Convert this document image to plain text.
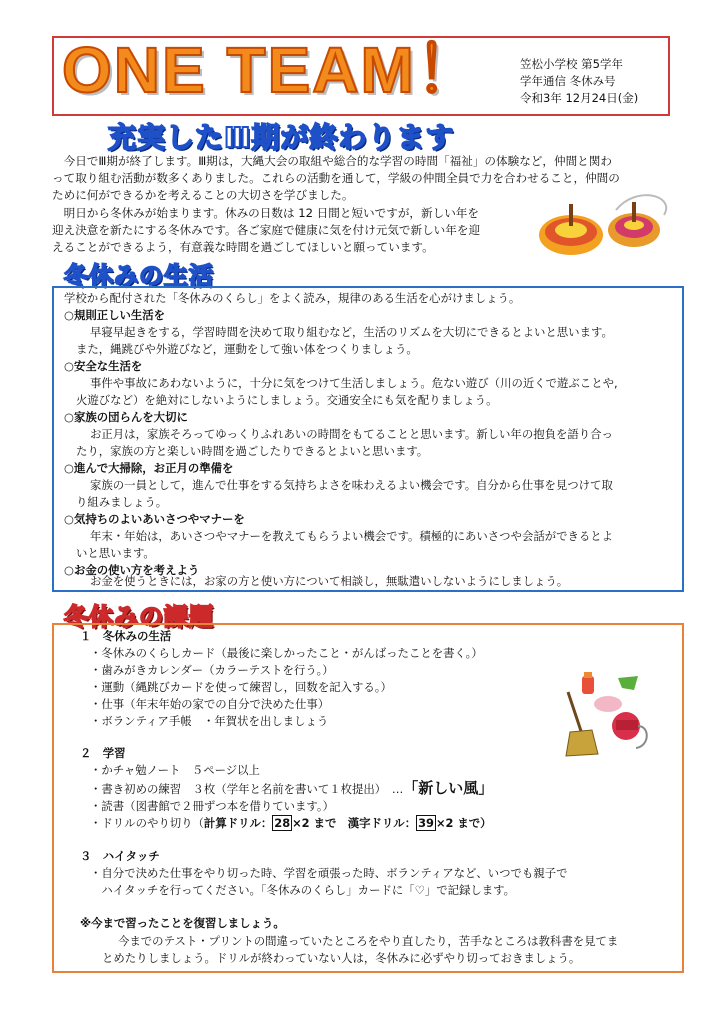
ONE TEAM！	笠松小学校 第5学年
学年通信 冬休み号
令和3年 12月24日(金)
充実したⅢ期が終わります
　今日でⅢ期が終了します。Ⅲ期は，大縄大会の取組や総合的な学習の時間「福祉」の体験など，仲間と関わ
って取り組む活動が数多くありました。これらの活動を通して，学級の仲間全員で力を合わせること，仲間の
ために何ができるかを考えることの大切さを学びました。
　明日から冬休みが始まります。休みの日数は 12 日間と短いですが，新しい年を
迎え決意を新たにする冬休みです。各ご家庭で健康に気を付け元気で新しい年を迎
えることができるよう，有意義な時間を過ごしてほしいと願っています。
冬休みの生活
学校から配付された「冬休みのくらし」をよく読み，規律のある生活を心がけましょう。
○規則正しい生活を
早寝早起きをする，学習時間を決めて取り組むなど，生活のリズムを大切にできるとよいと思います。
また，縄跳びや外遊びなど，運動をして強い体をつくりましょう。
○安全な生活を
事件や事故にあわないように，十分に気をつけて生活しましょう。危ない遊び（川の近くで遊ぶことや,
火遊びなど）を絶対にしないようにしましょう。交通安全にも気を配りましょう。
○家族の団らんを大切に
お正月は，家族そろってゆっくりふれあいの時間をもてることと思います。新しい年の抱負を語り合っ
たり，家族の方と楽しい時間を過ごしたりできるとよいと思います。
○進んで大掃除，お正月の準備を
家族の一員として，進んで仕事をする気持ちよさを味わえるよい機会です。自分から仕事を見つけて取
り組みましょう。
○気持ちのよいあいさつやマナーを
年末・年始は，あいさつやマナーを教えてもらうよい機会です。積極的にあいさつや会話ができるとよ
いと思います。
○お金の使い方を考えよう
お金を使うときには，お家の方と使い方について相談し，無駄遣いしないようにしましょう。
冬休みの課題
１　冬休みの生活
・冬休みのくらしカード（最後に楽しかったこと・がんばったことを書く。）
・歯みがきカレンダー（カラーテストを行う。）
・運動（縄跳びカードを使って練習し，回数を記入する。）
・仕事（年末年始の家での自分で決めた仕事）
・ボランティア手帳　・年賀状を出しましょう
２　学習
・かチャ勉ノート　５ページ以上
・書き初めの練習　３枚（学年と名前を書いて１枚提出）　…「新しい風」
・読書（図書館で２冊ずつ本を借りています。）
・ドリルのやり切り（計算ドリル： 28 ×2 まで　漢字ドリル： 39 ×2 まで）
３　ハイタッチ
・自分で決めた仕事をやり切った時、学習を頑張った時、ボランティアなど、いつでも親子で
　ハイタッチを行ってください。「冬休みのくらし」カードに「♡」で記録します。
※今まで習ったことを復習しましょう。
今までのテスト・プリントの間違っていたところをやり直したり，苦手なところは教科書を見てま
とめたりしましょう。ドリルが終わっていない人は，冬休みに必ずやり切っておきましょう。
